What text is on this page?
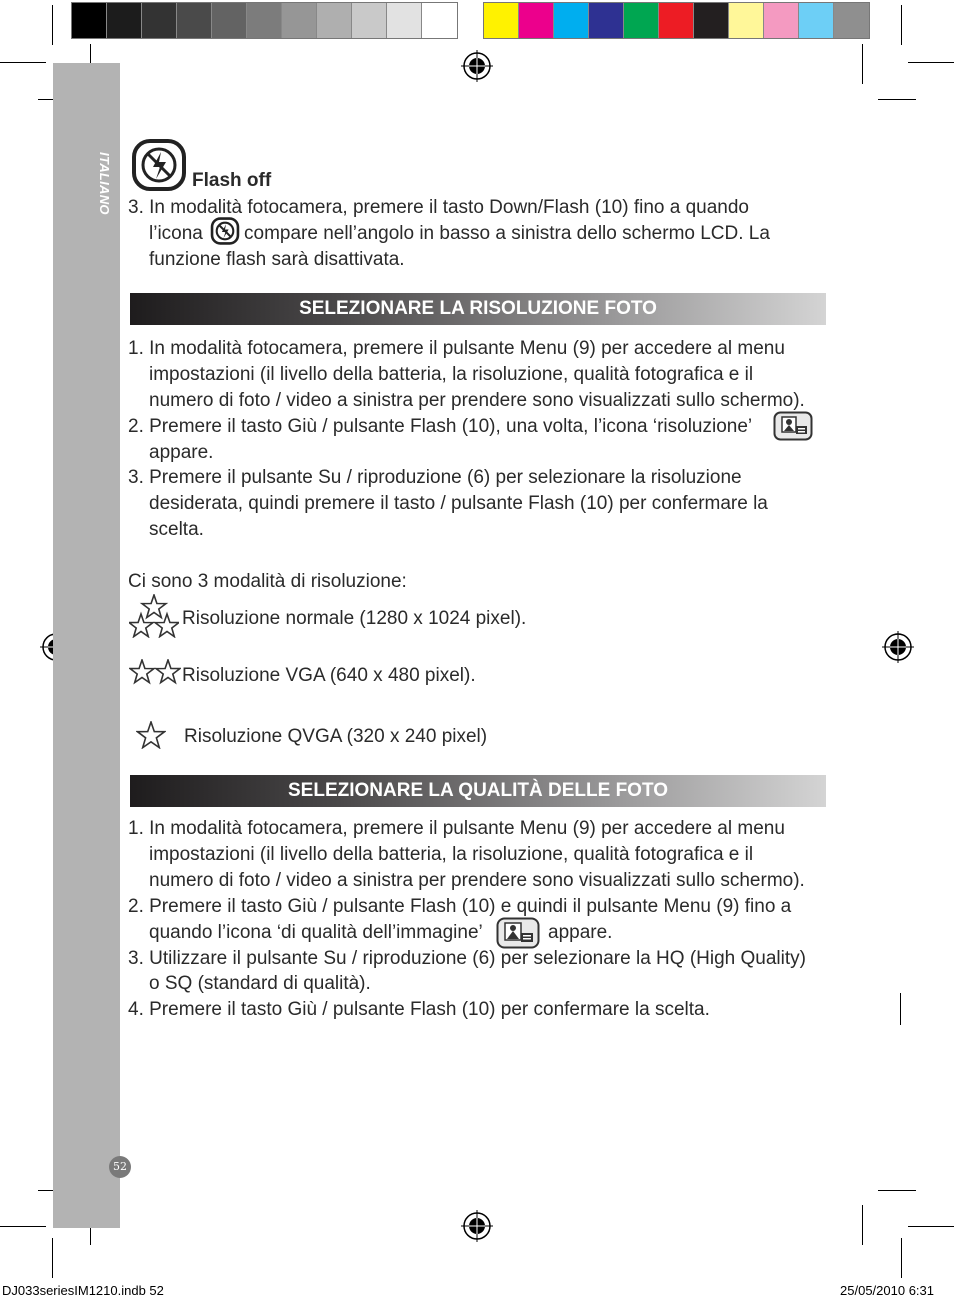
ITALIANO	Flash off
3. In modalità fotocamera, premere il tasto Down/Flash (10) fino a quando
l’icona compare nell’angolo in basso a sinistra dello schermo LCD. La
funzione flash sarà disattivata.
SELEZIONARE LA RISOLUZIONE FOTO
1. In modalità fotocamera, premere il pulsante Menu (9) per accedere al menu
impostazioni (il livello della batteria, la risoluzione, qualità fotografica e il
numero di foto / video a sinistra per prendere sono visualizzati sullo schermo).
2. Premere il tasto Giù / pulsante Flash (10), una volta, l’icona ‘risoluzione’
appare.
3. Premere il pulsante Su / riproduzione (6) per selezionare la risoluzione
desiderata, quindi premere il tasto / pulsante Flash (10) per confermare la
scelta.
Ci sono 3 modalità di risoluzione:
Risoluzione normale (1280 x 1024 pixel).
Risoluzione VGA (640 x 480 pixel).
Risoluzione QVGA (320 x 240 pixel)
SELEZIONARE LA QUALITÀ DELLE FOTO
1. In modalità fotocamera, premere il pulsante Menu (9) per accedere al menu
impostazioni (il livello della batteria, la risoluzione, qualità fotografica e il
numero di foto / video a sinistra per prendere sono visualizzati sullo schermo).
2. Premere il tasto Giù / pulsante Flash (10) e quindi il pulsante Menu (9) fino a
quando l’icona ‘di qualità dell’immagine’	appare.
3. Utilizzare il pulsante Su / riproduzione (6) per selezionare la HQ (High Quality)
o SQ (standard di qualità).
4. Premere il tasto Giù / pulsante Flash (10) per confermare la scelta.
52
DJ033seriesIM1210.indb 52	25/05/2010 6:31
